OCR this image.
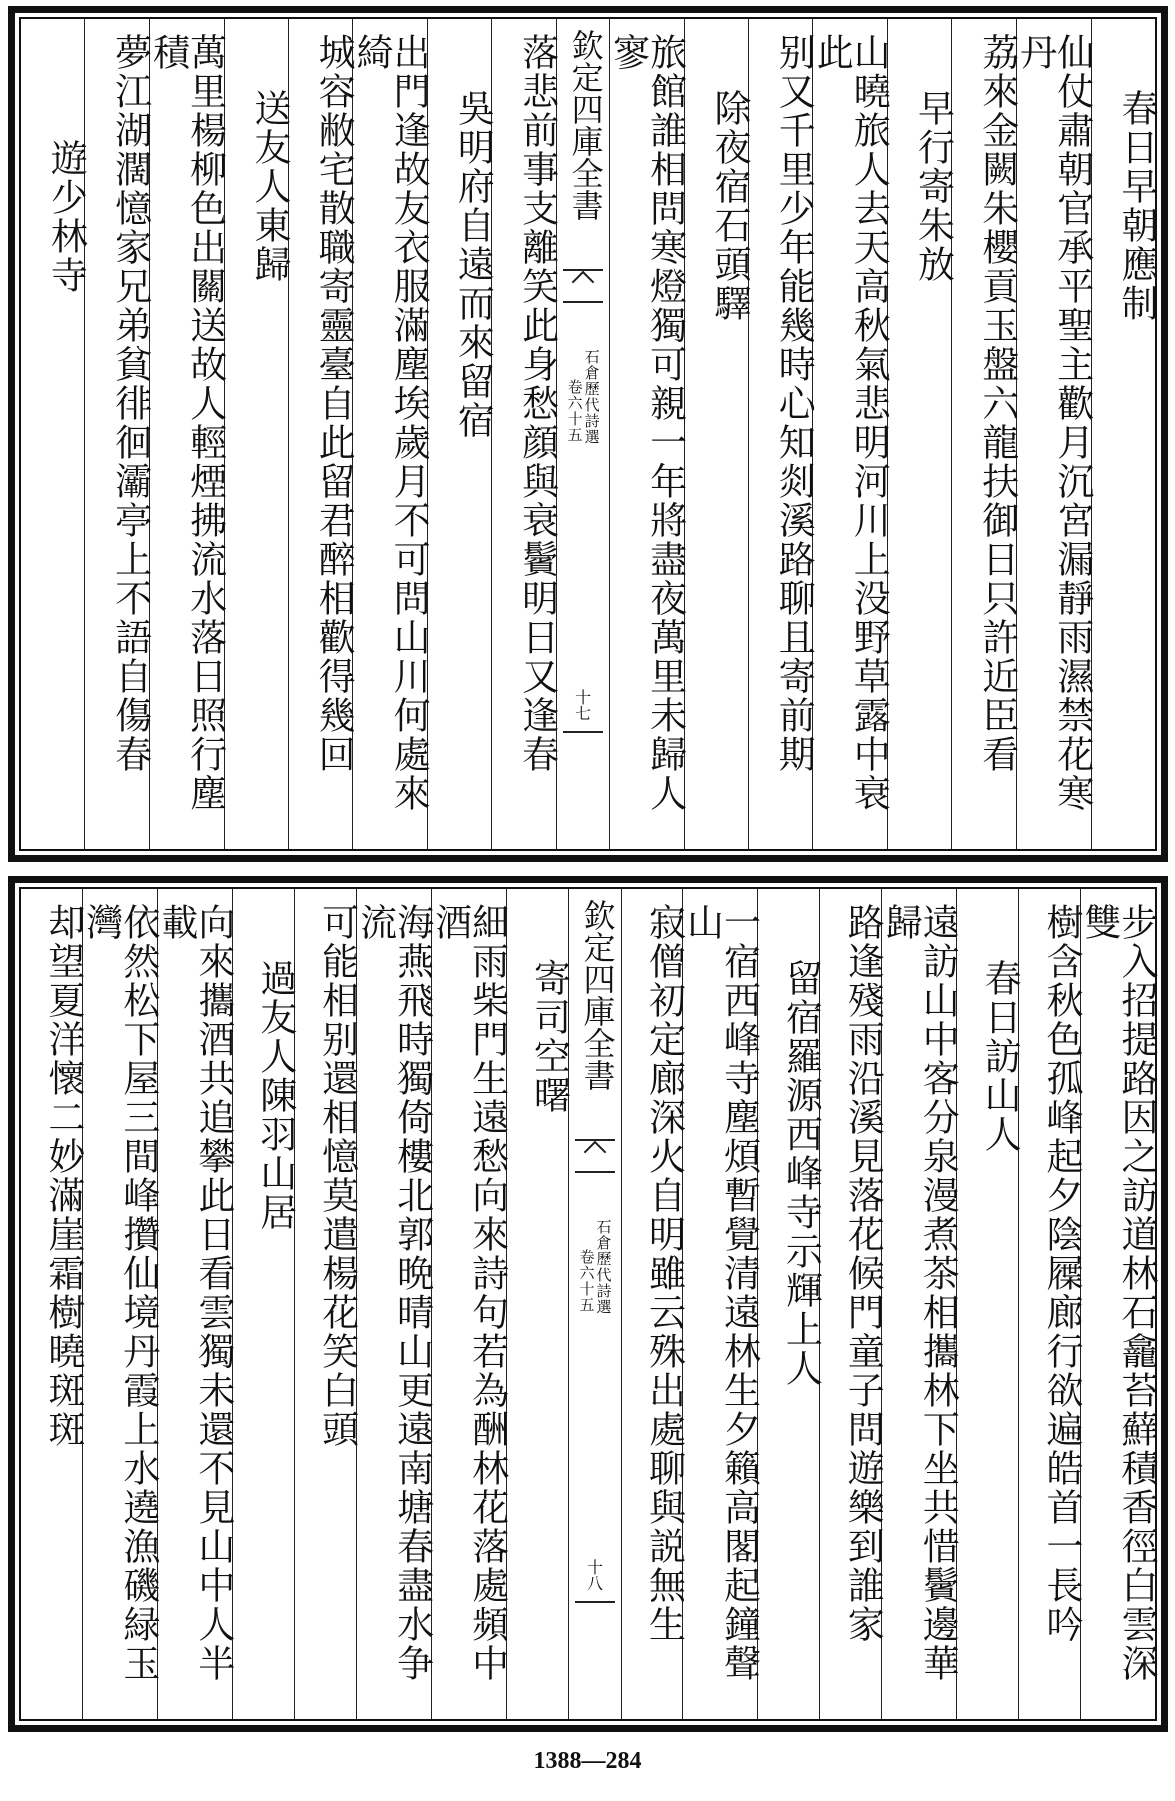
春日早朝應制
仙仗肅朝官承平聖主歡月沉宮漏靜雨濕禁花寒丹
荔來金闕朱櫻貢玉盤六龍扶御日只許近臣看
早行寄朱放
山曉旅人去天高秋氣悲明河川上没野草露中衰此
别又千里少年能幾時心知剡溪路聊且寄前期
除夜宿石頭驛
旅館誰相問寒燈獨可親一年將盡夜萬里未歸人寥
欽定四庫全書
石倉歷代詩選
卷六十五
十七
落悲前事支離笑此身愁顔與衰鬢明日又逢春
吳明府自遠而來留宿
出門逢故友衣服滿塵埃歲月不可問山川何處來綺
城容敝宅散職寄靈臺自此留君醉相歡得幾回
送友人東歸
萬里楊柳色出關送故人輕煙拂流水落日照行塵積
夢江湖濶憶家兄弟貧徘徊灞亭上不語自傷春
遊少林寺
步入招提路因之訪道林石龕苔蘚積香徑白雲深雙
樹含秋色孤峰起夕陰屧廊行欲遍皓首一長吟
春日訪山人
遠訪山中客分泉漫煮茶相攜林下坐共惜鬢邊華歸
路逢殘雨沿溪見落花候門童子問遊樂到誰家
留宿羅源西峰寺示輝上人
一宿西峰寺塵煩暫覺清遠林生夕籟高閣起鐘聲山
寂僧初定廊深火自明雖云殊出處聊與説無生
欽定四庫全書
石倉歷代詩選
卷六十五
十八
寄司空曙
細雨柴門生遠愁向來詩句若為酬林花落處頻中酒
海燕飛時獨倚樓北郭晩晴山更遠南塘春盡水争流
可能相别還相憶莫遣楊花笑白頭
過友人陳羽山居
向來攜酒共追攀此日看雲獨未還不見山中人半載
依然松下屋三間峰攢仙境丹霞上水遶漁磯緑玉灣
却望夏洋懷二妙滿崖霜樹曉斑斑
1388—284
